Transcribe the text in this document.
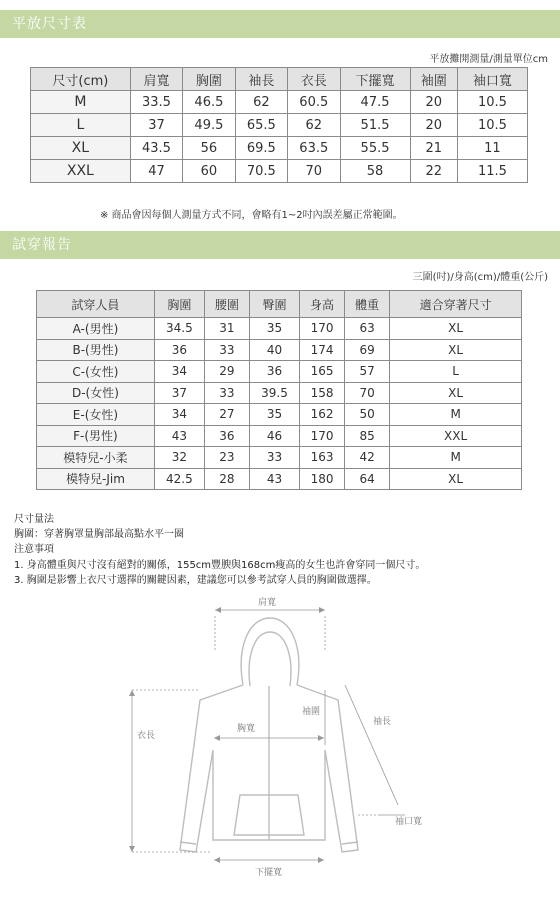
平放尺寸表
平放攤開測量/測量單位cm
尺寸(cm)	肩寬	胸圍	袖長	衣長	下擺寬	袖圍	袖口寬
M	33.5	46.5	62	60.5	47.5	20	10.5
L	37	49.5	65.5	62	51.5	20	10.5
XL	43.5	56	69.5	63.5	55.5	21	11
XXL	47	60	70.5	70	58	22	11.5
※ 商品會因每個人測量方式不同，會略有1~2吋內誤差屬正常範圍。
試穿報告
三圍(吋)/身高(cm)/體重(公斤)
試穿人員	胸圍	腰圍	臀圍	身高	體重	適合穿著尺寸
A-(男性)	34.5	31	35	170	63	XL
B-(男性)	36	33	40	174	69	XL
C-(女性)	34	29	36	165	57	L
D-(女性)	37	33	39.5	158	70	XL
E-(女性)	34	27	35	162	50	M
F-(男性)	43	36	46	170	85	XXL
模特兒-小柔	32	23	33	163	42	M
模特兒-Jim	42.5	28	43	180	64	XL
尺寸量法
胸圍：穿著胸罩量胸部最高點水平一圈
注意事項
1. 身高體重與尺寸沒有絕對的關係，155cm豐腴與168cm瘦高的女生也許會穿同一個尺寸。
3. 胸圍是影響上衣尺寸選擇的關鍵因素，建議您可以參考試穿人員的胸圍做選擇。
肩寬
袖圍
袖長
衣長
胸寬
袖口寬
下擺寬
